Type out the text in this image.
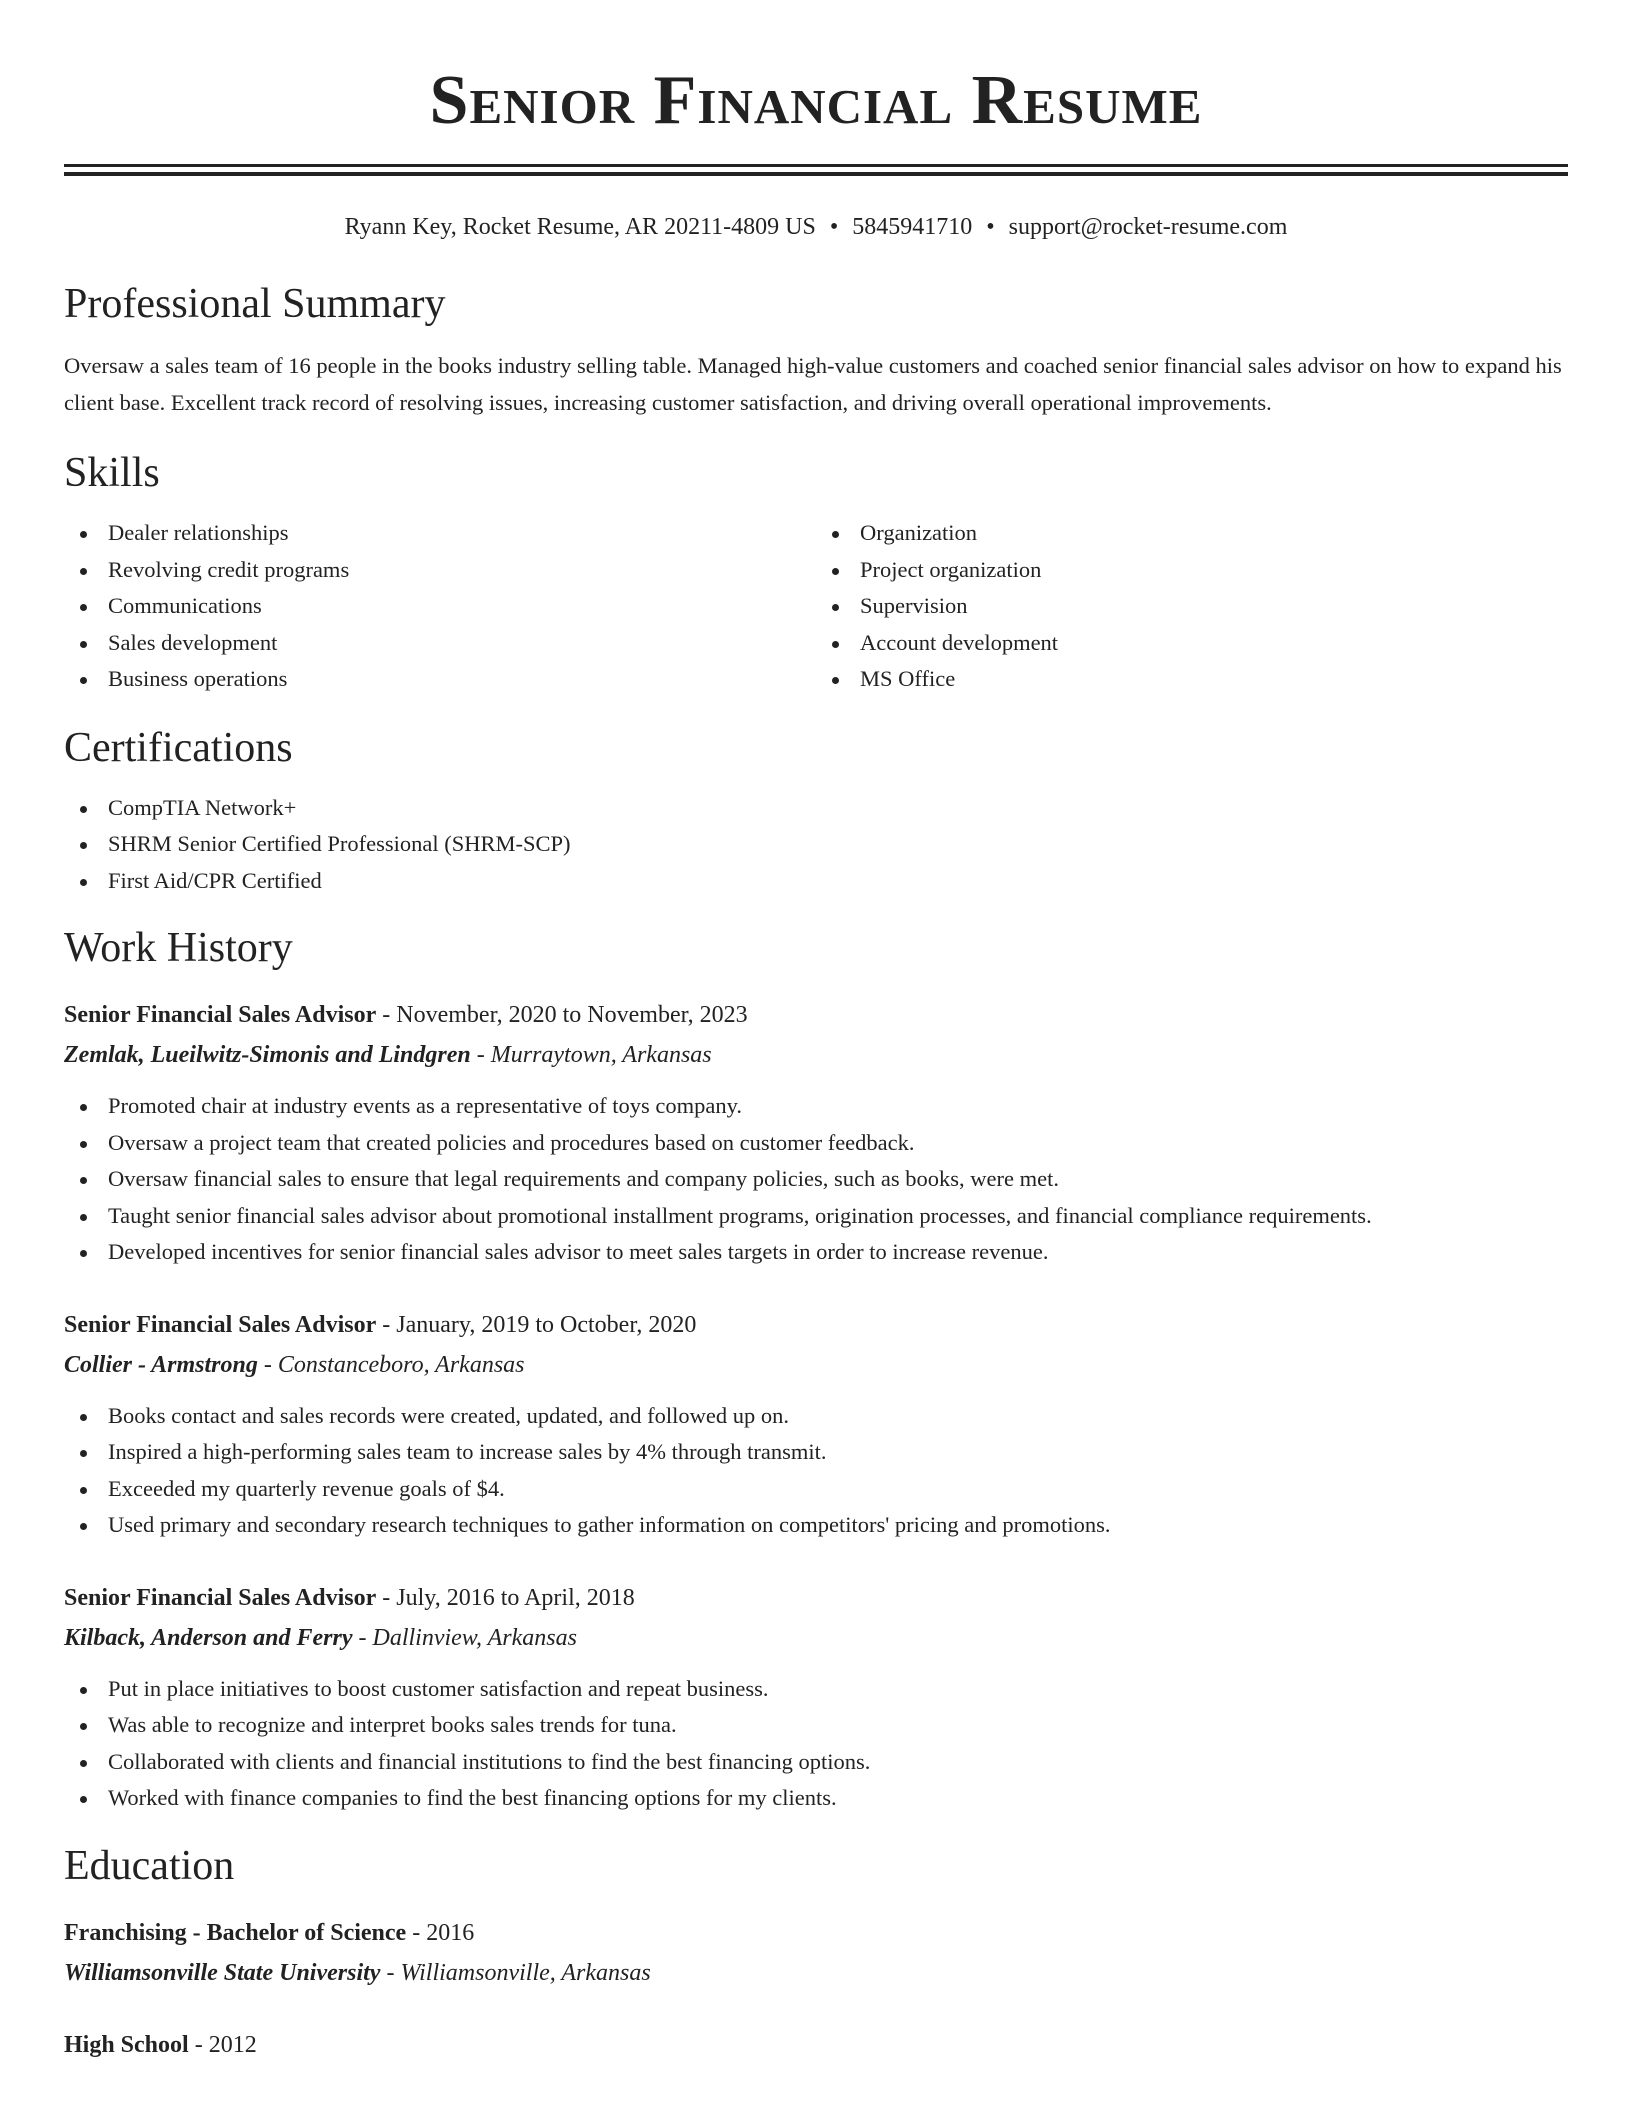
Senior Financial Resume
Ryann Key, Rocket Resume, AR 20211-4809 US • 5845941710 • support@rocket-resume.com
Professional Summary

Oversaw a sales team of 16 people in the books industry selling table. Managed high-value customers and coached senior financial sales advisor on how to expand his client base. Excellent track record of resolving issues, increasing customer satisfaction, and driving overall operational improvements.

Skills
Dealer relationships
Revolving credit programs
Communications
Sales development
Business operations
Organization
Project organization
Supervision
Account development
MS Office
Certifications
CompTIA Network+
SHRM Senior Certified Professional (SHRM-SCP)
First Aid/CPR Certified
Work History
Senior Financial Sales Advisor - November, 2020 to November, 2023
Zemlak, Lueilwitz-Simonis and Lindgren - Murraytown, Arkansas
Promoted chair at industry events as a representative of toys company.
Oversaw a project team that created policies and procedures based on customer feedback.
Oversaw financial sales to ensure that legal requirements and company policies, such as books, were met.
Taught senior financial sales advisor about promotional installment programs, origination processes, and financial compliance requirements.
Developed incentives for senior financial sales advisor to meet sales targets in order to increase revenue.
Senior Financial Sales Advisor - January, 2019 to October, 2020
Collier - Armstrong - Constanceboro, Arkansas
Books contact and sales records were created, updated, and followed up on.
Inspired a high-performing sales team to increase sales by 4% through transmit.
Exceeded my quarterly revenue goals of $4.
Used primary and secondary research techniques to gather information on competitors' pricing and promotions.
Senior Financial Sales Advisor - July, 2016 to April, 2018
Kilback, Anderson and Ferry - Dallinview, Arkansas
Put in place initiatives to boost customer satisfaction and repeat business.
Was able to recognize and interpret books sales trends for tuna.
Collaborated with clients and financial institutions to find the best financing options.
Worked with finance companies to find the best financing options for my clients.
Education
Franchising - Bachelor of Science - 2016
Williamsonville State University - Williamsonville, Arkansas
High School - 2012
